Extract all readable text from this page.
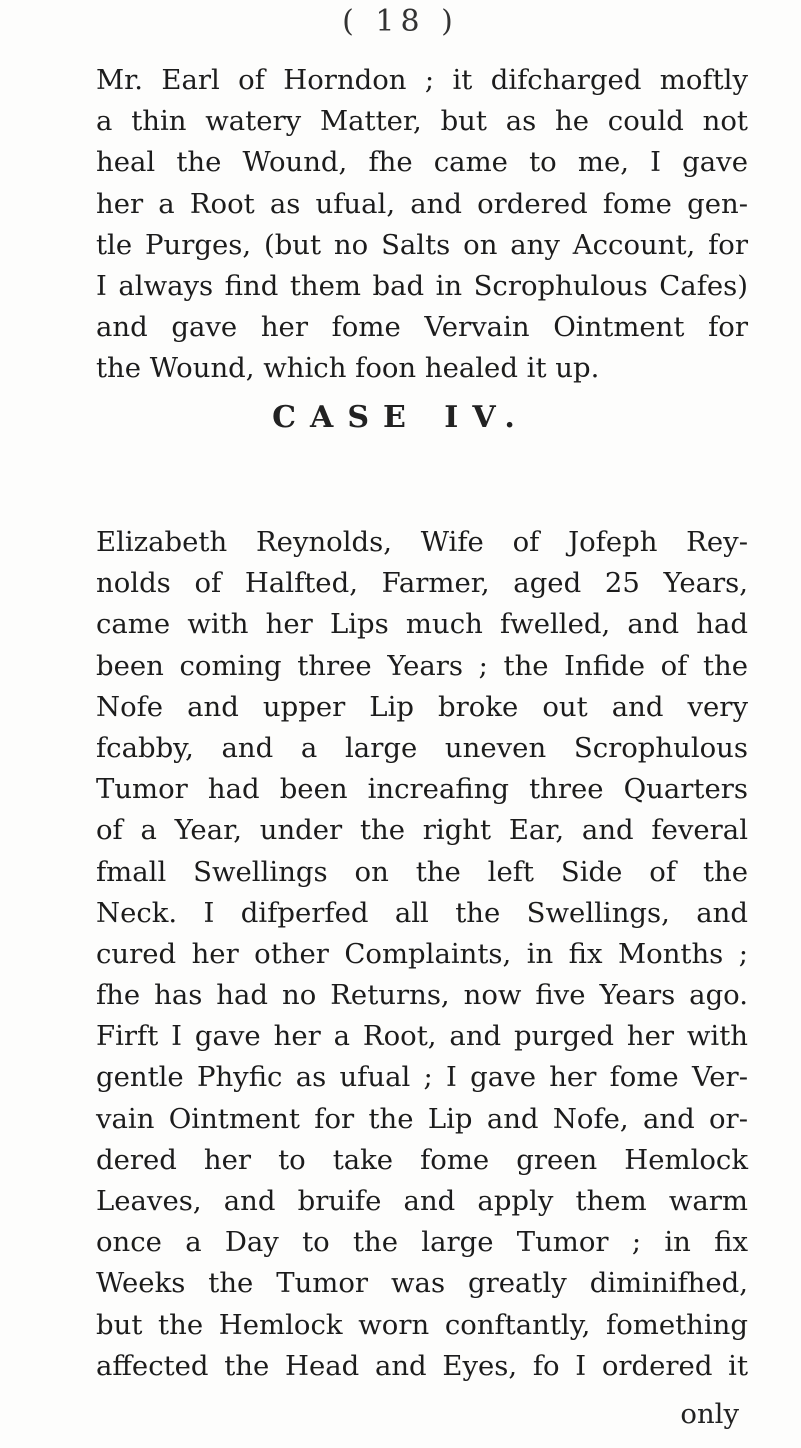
( 18 )
Mr. Earl of Horndon ; it difcharged moftly
a thin watery Matter, but as he could not
heal the Wound, fhe came to me, I gave
her a Root as ufual, and ordered fome gen-
tle Purges, (but no Salts on any Account, for
I always find them bad in Scrophulous Cafes)
and gave her fome Vervain Ointment for
the Wound, which foon healed it up.
CASE IV.
Elizabeth Reynolds, Wife of Jofeph Rey-
nolds of Halfted, Farmer, aged 25 Years,
came with her Lips much fwelled, and had
been coming three Years ; the Infide of the
Nofe and upper Lip broke out and very
fcabby, and a large uneven Scrophulous
Tumor had been increafing three Quarters
of a Year, under the right Ear, and feveral
fmall Swellings on the left Side of the
Neck. I difperfed all the Swellings, and
cured her other Complaints, in fix Months ;
fhe has had no Returns, now five Years ago.
Firft I gave her a Root, and purged her with
gentle Phyfic as ufual ; I gave her fome Ver-
vain Ointment for the Lip and Nofe, and or-
dered her to take fome green Hemlock
Leaves, and bruife and apply them warm
once a Day to the large Tumor ; in fix
Weeks the Tumor was greatly diminifhed,
but the Hemlock worn conftantly, fomething
affected the Head and Eyes, fo I ordered it
only
